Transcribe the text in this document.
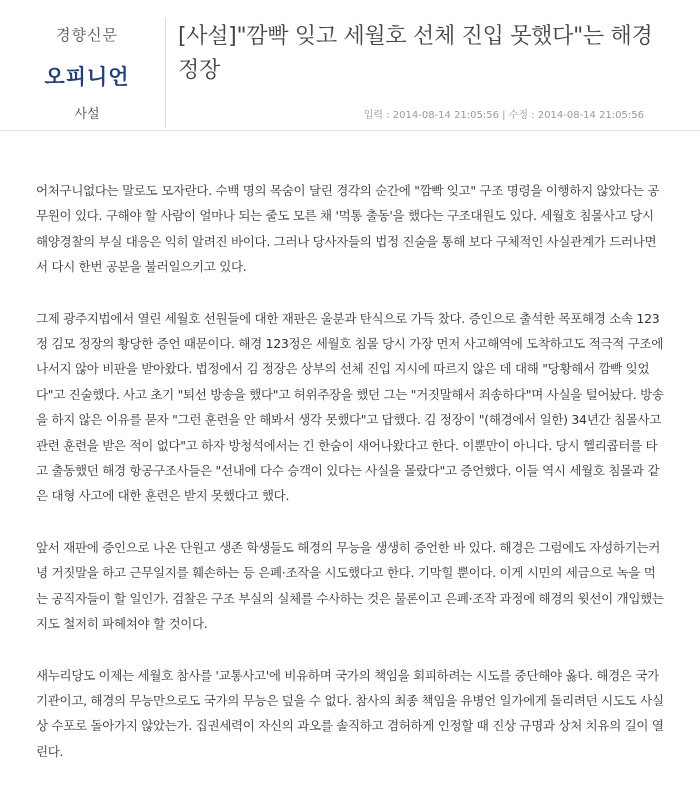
경향신문
오피니언
사설
[사설]"깜빡 잊고 세월호 선체 진입 못했다"는 해경 정장
입력 : 2014-08-14 21:05:56 | 수정 : 2014-08-14 21:05:56

어처구니없다는 말로도 모자란다. 수백 명의 목숨이 달린 경각의 순간에 "깜빡 잊고" 구조 명령을 이행하지 않았다는 공무원이 있다. 구해야 할 사람이 얼마나 되는 줄도 모른 채 '먹통 출동'을 했다는 구조대원도 있다. 세월호 침몰사고 당시 해양경찰의 부실 대응은 익히 알려진 바이다. 그러나 당사자들의 법정 진술을 통해 보다 구체적인 사실관계가 드러나면서 다시 한번 공분을 불러일으키고 있다.

그제 광주지법에서 열린 세월호 선원들에 대한 재판은 울분과 탄식으로 가득 찼다. 증인으로 출석한 목포해경 소속 123정 김모 정장의 황당한 증언 때문이다. 해경 123정은 세월호 침몰 당시 가장 먼저 사고해역에 도착하고도 적극적 구조에 나서지 않아 비판을 받아왔다. 법정에서 김 정장은 상부의 선체 진입 지시에 따르지 않은 데 대해 "당황해서 깜빡 잊었다"고 진술했다. 사고 초기 "퇴선 방송을 했다"고 허위주장을 했던 그는 "거짓말해서 죄송하다"며 사실을 털어놨다. 방송을 하지 않은 이유를 묻자 "그런 훈련을 안 해봐서 생각 못했다"고 답했다. 김 정장이 "(해경에서 일한) 34년간 침몰사고 관련 훈련을 받은 적이 없다"고 하자 방청석에서는 긴 한숨이 새어나왔다고 한다. 이뿐만이 아니다. 당시 헬리콥터를 타고 출동했던 해경 항공구조사들은 "선내에 다수 승객이 있다는 사실을 몰랐다"고 증언했다. 이들 역시 세월호 침몰과 같은 대형 사고에 대한 훈련은 받지 못했다고 했다.

앞서 재판에 증인으로 나온 단원고 생존 학생들도 해경의 무능을 생생히 증언한 바 있다. 해경은 그럼에도 자성하기는커녕 거짓말을 하고 근무일지를 훼손하는 등 은폐·조작을 시도했다고 한다. 기막힐 뿐이다. 이게 시민의 세금으로 녹을 먹는 공직자들이 할 일인가. 검찰은 구조 부실의 실체를 수사하는 것은 물론이고 은폐·조작 과정에 해경의 윗선이 개입했는지도 철저히 파헤쳐야 할 것이다.

새누리당도 이제는 세월호 참사를 '교통사고'에 비유하며 국가의 책임을 회피하려는 시도를 중단해야 옳다. 해경은 국가기관이고, 해경의 무능만으로도 국가의 무능은 덮을 수 없다. 참사의 최종 책임을 유병언 일가에게 돌리려던 시도도 사실상 수포로 돌아가지 않았는가. 집권세력이 자신의 과오를 솔직하고 겸허하게 인정할 때 진상 규명과 상처 치유의 길이 열린다.
